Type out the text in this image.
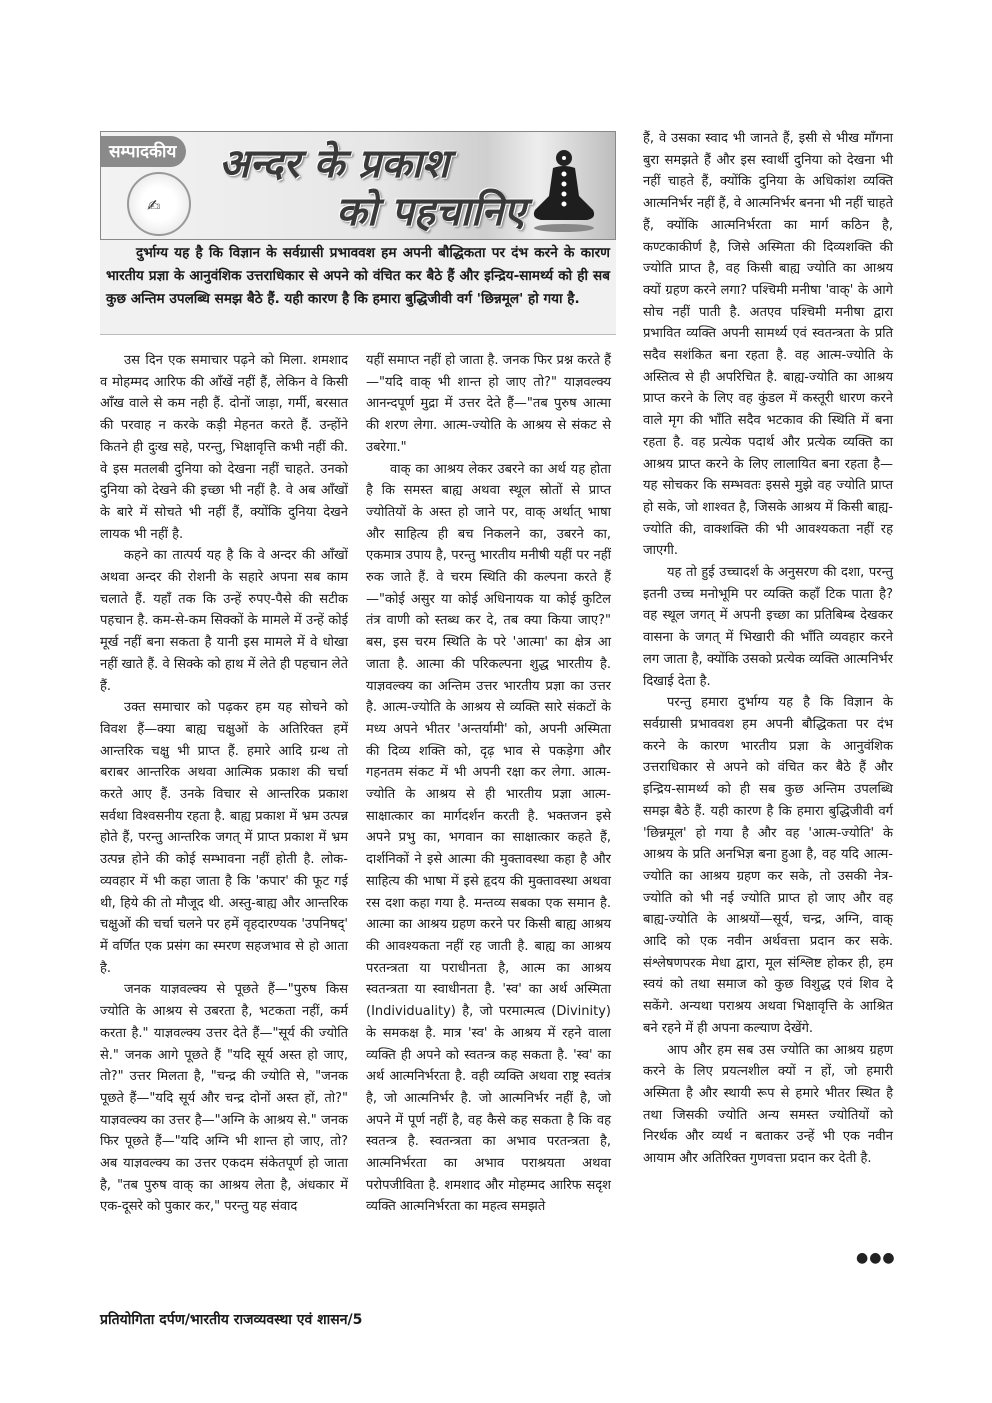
सम्पादकीय
✍
अन्दर के प्रकाश
को पहचानिए
दुर्भाग्य यह है कि विज्ञान के सर्वग्रासी प्रभाववश हम अपनी बौद्धिकता पर दंभ करने के कारण भारतीय प्रज्ञा के आनुवंशिक उत्तराधिकार से अपने को वंचित कर बैठे हैं और इन्द्रिय-सामर्थ्य को ही सब कुछ अन्तिम उपलब्धि समझ बैठे हैं. यही कारण है कि हमारा बुद्धिजीवी वर्ग 'छिन्नमूल' हो गया है.

उस दिन एक समाचार पढ़ने को मिला. शमशाद व मोहम्मद आरिफ की आँखें नहीं हैं, लेकिन वे किसी आँख वाले से कम नही हैं. दोनों जाड़ा, गर्मी, बरसात की परवाह न करके कड़ी मेहनत करते हैं. उन्होंने कितने ही दुःख सहे, परन्तु, भिक्षावृत्ति कभी नहीं की. वे इस मतलबी दुनिया को देखना नहीं चाहते. उनको दुनिया को देखने की इच्छा भी नहीं है. वे अब आँखों के बारे में सोचते भी नहीं हैं, क्योंकि दुनिया देखने लायक भी नहीं है.

कहने का तात्पर्य यह है कि वे अन्दर की आँखों अथवा अन्दर की रोशनी के सहारे अपना सब काम चलाते हैं. यहाँ तक कि उन्हें रुपए-पैसे की सटीक पहचान है. कम-से-कम सिक्कों के मामले में उन्हें कोई मूर्ख नहीं बना सकता है यानी इस मामले में वे धोखा नहीं खाते हैं. वे सिक्के को हाथ में लेते ही पहचान लेते हैं.

उक्त समाचार को पढ़कर हम यह सोचने को विवश हैं—क्या बाह्य चक्षुओं के अतिरिक्त हमें आन्तरिक चक्षु भी प्राप्त हैं. हमारे आदि ग्रन्थ तो बराबर आन्तरिक अथवा आत्मिक प्रकाश की चर्चा करते आए हैं. उनके विचार से आन्तरिक प्रकाश सर्वथा विश्वसनीय रहता है. बाह्य प्रकाश में भ्रम उत्पन्न होते हैं, परन्तु आन्तरिक जगत् में प्राप्त प्रकाश में भ्रम उत्पन्न होने की कोई सम्भावना नहीं होती है. लोक-व्यवहार में भी कहा जाता है कि 'कपार' की फूट गई थी, हिये की तो मौजूद थी. अस्तु-बाह्य और आन्तरिक चक्षुओं की चर्चा चलने पर हमें वृहदारण्यक 'उपनिषद्' में वर्णित एक प्रसंग का स्मरण सहजभाव से हो आता है.

जनक याज्ञवल्क्य से पूछते हैं—"पुरुष किस ज्योति के आश्रय से उबरता है, भटकता नहीं, कर्म करता है." याज्ञवल्क्य उत्तर देते हैं—"सूर्य की ज्योति से." जनक आगे पूछते हैं "यदि सूर्य अस्त हो जाए, तो?" उत्तर मिलता है, "चन्द्र की ज्योति से, "जनक पूछते हैं—"यदि सूर्य और चन्द्र दोनों अस्त हों, तो?" याज्ञवल्क्य का उत्तर है—"अग्नि के आश्रय से." जनक फिर पूछते हैं—"यदि अग्नि भी शान्त हो जाए, तो? अब याज्ञवल्क्य का उत्तर एकदम संकेतपूर्ण हो जाता है, "तब पुरुष वाक् का आश्रय लेता है, अंधकार में एक-दूसरे को पुकार कर," परन्तु यह संवाद

यहीं समाप्त नहीं हो जाता है. जनक फिर प्रश्न करते हैं—"यदि वाक् भी शान्त हो जाए तो?" याज्ञवल्क्य आनन्दपूर्ण मुद्रा में उत्तर देते हैं—"तब पुरुष आत्मा की शरण लेगा. आत्म-ज्योति के आश्रय से संकट से उबरेगा."

वाक् का आश्रय लेकर उबरने का अर्थ यह होता है कि समस्त बाह्य अथवा स्थूल स्रोतों से प्राप्त ज्योतियों के अस्त हो जाने पर, वाक् अर्थात् भाषा और साहित्य ही बच निकलने का, उबरने का, एकमात्र उपाय है, परन्तु भारतीय मनीषी यहीं पर नहीं रुक जाते हैं. वे चरम स्थिति की कल्पना करते हैं—"कोई असुर या कोई अधिनायक या कोई कुटिल तंत्र वाणी को स्तब्ध कर दे, तब क्या किया जाए?" बस, इस चरम स्थिति के परे 'आत्मा' का क्षेत्र आ जाता है. आत्मा की परिकल्पना शुद्ध भारतीय है. याज्ञवल्क्य का अन्तिम उत्तर भारतीय प्रज्ञा का उत्तर है. आत्म-ज्योति के आश्रय से व्यक्ति सारे संकटों के मध्य अपने भीतर 'अन्तर्यामी' को, अपनी अस्मिता की दिव्य शक्ति को, दृढ़ भाव से पकड़ेगा और गहनतम संकट में भी अपनी रक्षा कर लेगा. आत्म-ज्योति के आश्रय से ही भारतीय प्रज्ञा आत्म-साक्षात्कार का मार्गदर्शन करती है. भक्तजन इसे अपने प्रभु का, भगवान का साक्षात्कार कहते हैं, दार्शनिकों ने इसे आत्मा की मुक्तावस्था कहा है और साहित्य की भाषा में इसे हृदय की मुक्तावस्था अथवा रस दशा कहा गया है. मन्तव्य सबका एक समान है. आत्मा का आश्रय ग्रहण करने पर किसी बाह्य आश्रय की आवश्यकता नहीं रह जाती है. बाह्य का आश्रय परतन्त्रता या पराधीनता है, आत्म का आश्रय स्वतन्त्रता या स्वाधीनता है. 'स्व' का अर्थ अस्मिता (Individuality) है, जो परमात्मत्व (Divinity) के समकक्ष है. मात्र 'स्व' के आश्रय में रहने वाला व्यक्ति ही अपने को स्वतन्त्र कह सकता है. 'स्व' का अर्थ आत्मनिर्भरता है. वही व्यक्ति अथवा राष्ट्र स्वतंत्र है, जो आत्मनिर्भर है. जो आत्मनिर्भर नहीं है, जो अपने में पूर्ण नहीं है, वह कैसे कह सकता है कि वह स्वतन्त्र है. स्वतन्त्रता का अभाव परतन्त्रता है, आत्मनिर्भरता का अभाव पराश्रयता अथवा परोपजीविता है. शमशाद और मोहम्मद आरिफ सदृश व्यक्ति आत्मनिर्भरता का महत्व समझते

हैं, वे उसका स्वाद भी जानते हैं, इसी से भीख माँगना बुरा समझते हैं और इस स्वार्थी दुनिया को देखना भी नहीं चाहते हैं, क्योंकि दुनिया के अधिकांश व्यक्ति आत्मनिर्भर नहीं हैं, वे आत्मनिर्भर बनना भी नहीं चाहते हैं, क्योंकि आत्मनिर्भरता का मार्ग कठिन है, कण्टकाकीर्ण है, जिसे अस्मिता की दिव्यशक्ति की ज्योति प्राप्त है, वह किसी बाह्य ज्योति का आश्रय क्यों ग्रहण करने लगा? पश्चिमी मनीषा 'वाक्' के आगे सोच नहीं पाती है. अतएव पश्चिमी मनीषा द्वारा प्रभावित व्यक्ति अपनी सामर्थ्य एवं स्वतन्त्रता के प्रति सदैव सशंकित बना रहता है. वह आत्म-ज्योति के अस्तित्व से ही अपरिचित है. बाह्य-ज्योति का आश्रय प्राप्त करने के लिए वह कुंडल में कस्तूरी धारण करने वाले मृग की भाँति सदैव भटकाव की स्थिति में बना रहता है. वह प्रत्येक पदार्थ और प्रत्येक व्यक्ति का आश्रय प्राप्त करने के लिए लालायित बना रहता है—यह सोचकर कि सम्भवतः इससे मुझे वह ज्योति प्राप्त हो सके, जो शाश्वत है, जिसके आश्रय में किसी बाह्य-ज्योति की, वाक्शक्ति की भी आवश्यकता नहीं रह जाएगी.

यह तो हुई उच्चादर्श के अनुसरण की दशा, परन्तु इतनी उच्च मनोभूमि पर व्यक्ति कहाँ टिक पाता है? वह स्थूल जगत् में अपनी इच्छा का प्रतिबिम्ब देखकर वासना के जगत् में भिखारी की भाँति व्यवहार करने लग जाता है, क्योंकि उसको प्रत्येक व्यक्ति आत्मनिर्भर दिखाई देता है.

परन्तु हमारा दुर्भाग्य यह है कि विज्ञान के सर्वग्रासी प्रभाववश हम अपनी बौद्धिकता पर दंभ करने के कारण भारतीय प्रज्ञा के आनुवंशिक उत्तराधिकार से अपने को वंचित कर बैठे हैं और इन्द्रिय-सामर्थ्य को ही सब कुछ अन्तिम उपलब्धि समझ बैठे हैं. यही कारण है कि हमारा बुद्धिजीवी वर्ग 'छिन्नमूल' हो गया है और वह 'आत्म-ज्योति' के आश्रय के प्रति अनभिज्ञ बना हुआ है, वह यदि आत्म-ज्योति का आश्रय ग्रहण कर सके, तो उसकी नेत्र-ज्योति को भी नई ज्योति प्राप्त हो जाए और वह बाह्य-ज्योति के आश्रयों—सूर्य, चन्द्र, अग्नि, वाक् आदि को एक नवीन अर्थवत्ता प्रदान कर सके. संश्लेषणपरक मेधा द्वारा, मूल संश्लिष्ट होकर ही, हम स्वयं को तथा समाज को कुछ विशुद्ध एवं शिव दे सकेंगे. अन्यथा पराश्रय अथवा भिक्षावृत्ति के आश्रित बने रहने में ही अपना कल्याण देखेंगे.

आप और हम सब उस ज्योति का आश्रय ग्रहण करने के लिए प्रयत्नशील क्यों न हों, जो हमारी अस्मिता है और स्थायी रूप से हमारे भीतर स्थित है तथा जिसकी ज्योति अन्य समस्त ज्योतियों को निरर्थक और व्यर्थ न बताकर उन्हें भी एक नवीन आयाम और अतिरिक्त गुणवत्ता प्रदान कर देती है.

●●●
प्रतियोगिता दर्पण/भारतीय राजव्यवस्था एवं शासन/5
